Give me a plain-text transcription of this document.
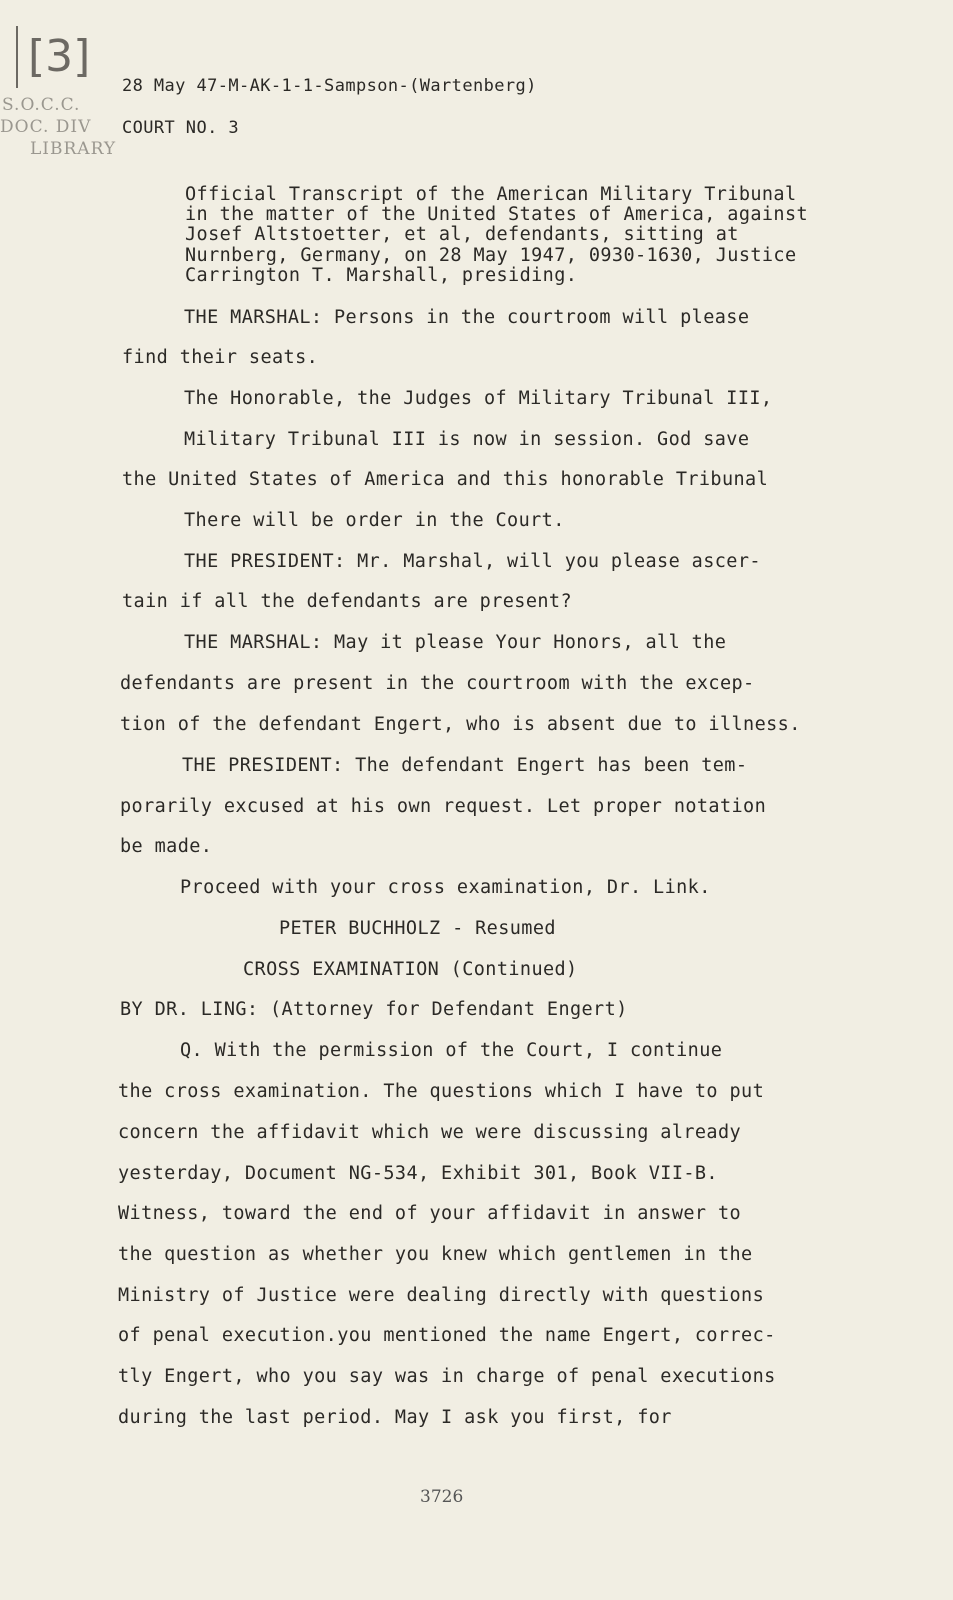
[3]
S.O.C.C.
DOC. DIV
LIBRARY
28 May 47-M-AK-1-1-Sampson-(Wartenberg)
COURT NO. 3
Official Transcript of the American Military Tribunal
in the matter of the United States of America, against
Josef Altstoetter, et al, defendants, sitting at
Nurnberg, Germany, on 28 May 1947, 0930-1630, Justice
Carrington T. Marshall, presiding.
THE MARSHAL: Persons in the courtroom will please
find their seats.
The Honorable, the Judges of Military Tribunal III,
Military Tribunal III is now in session. God save
the United States of America and this honorable Tribunal
There will be order in the Court.
THE PRESIDENT: Mr. Marshal, will you please ascer-
tain if all the defendants are present?
THE MARSHAL: May it please Your Honors, all the
defendants are present in the courtroom with the excep-
tion of the defendant Engert, who is absent due to illness.
THE PRESIDENT: The defendant Engert has been tem-
porarily excused at his own request. Let proper notation
be made.
Proceed with your cross examination, Dr. Link.
PETER BUCHHOLZ - Resumed
CROSS EXAMINATION (Continued)
BY DR. LING: (Attorney for Defendant Engert)
Q. With the permission of the Court, I continue
the cross examination. The questions which I have to put
concern the affidavit which we were discussing already
yesterday, Document NG-534, Exhibit 301, Book VII-B.
Witness, toward the end of your affidavit in answer to
the question as whether you knew which gentlemen in the
Ministry of Justice were dealing directly with questions
of penal execution.you mentioned the name Engert, correc-
tly Engert, who you say was in charge of penal executions
during the last period. May I ask you first, for
3726
